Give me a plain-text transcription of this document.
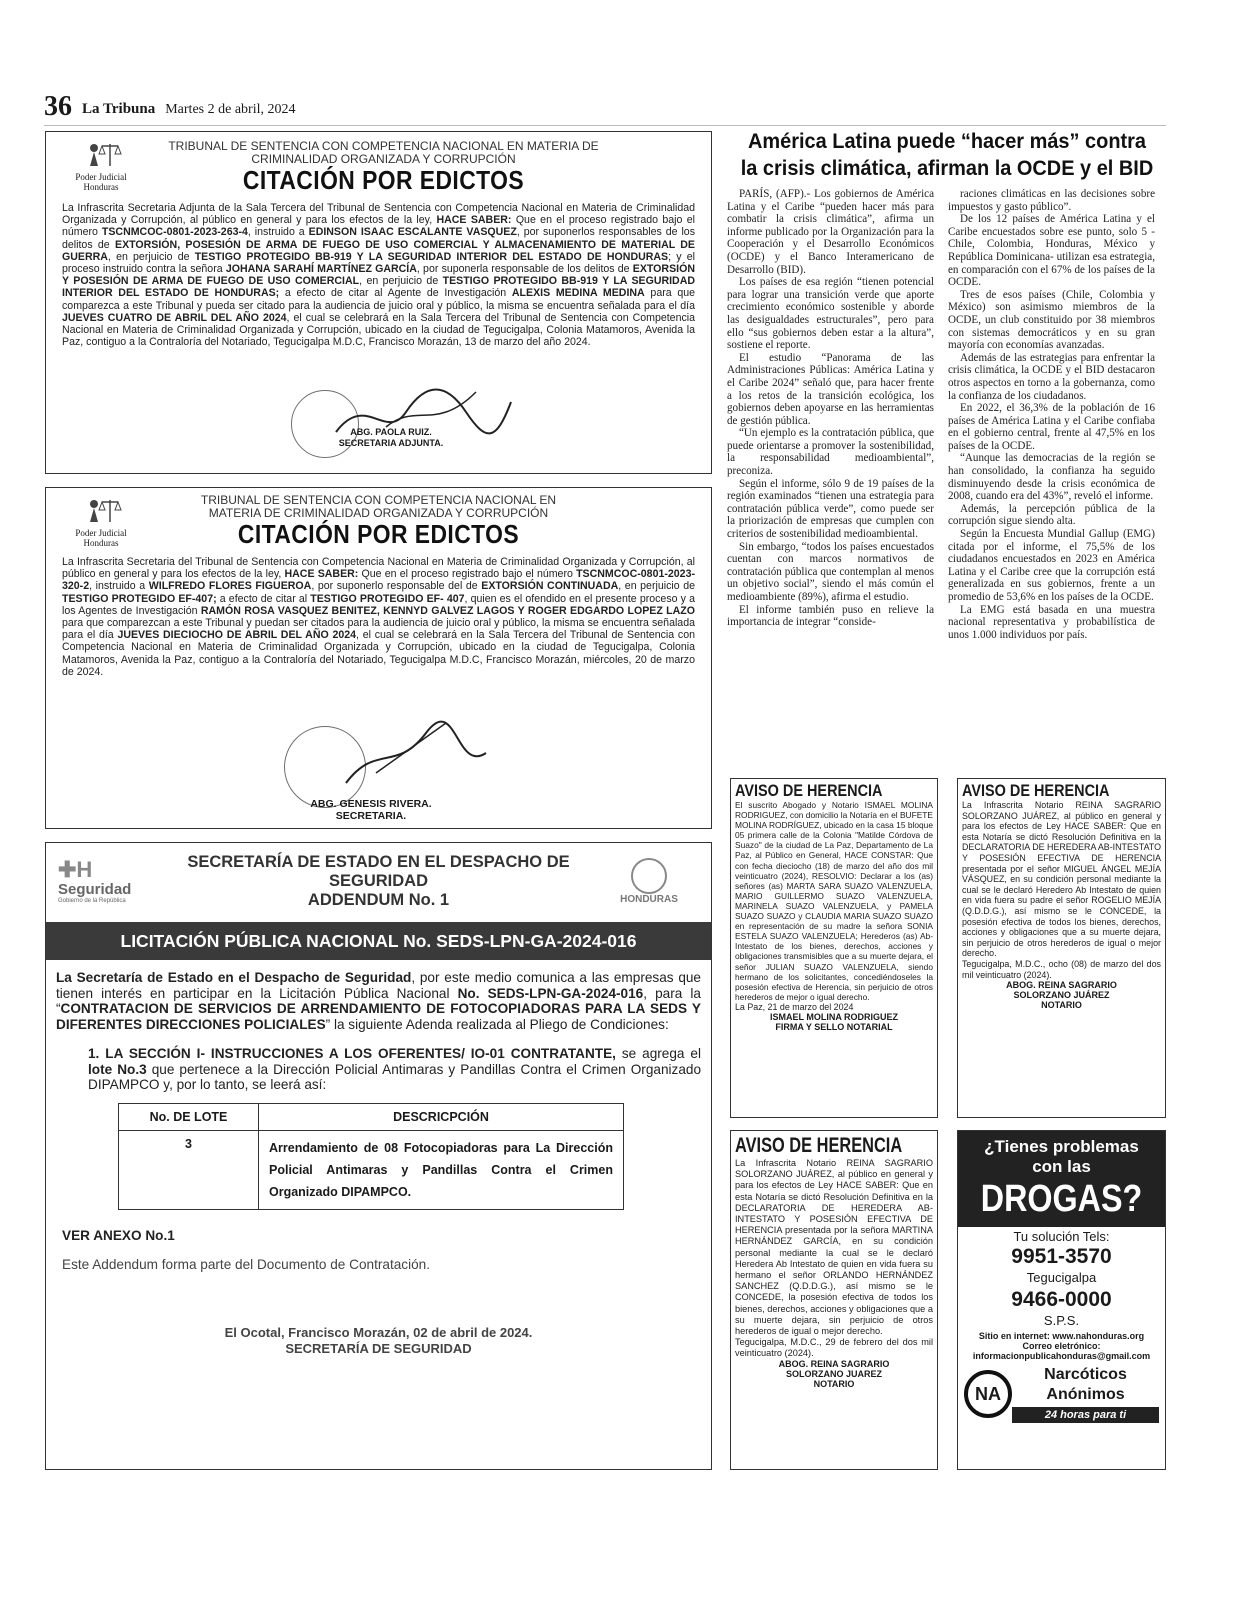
36 La Tribuna Martes 2 de abril, 2024
Poder Judicial
Honduras
TRIBUNAL DE SENTENCIA CON COMPETENCIA NACIONAL EN MATERIA DE CRIMINALIDAD ORGANIZADA Y CORRUPCIÓN
CITACIÓN POR EDICTOS
La Infrascrita Secretaria Adjunta de la Sala Tercera del Tribunal de Sentencia con Competencia Nacional en Materia de Criminalidad Organizada y Corrupción, al público en general y para los efectos de la ley, HACE SABER: Que en el proceso registrado bajo el número TSCNMCOC-0801-2023-263-4, instruido a EDINSON ISAAC ESCALANTE VASQUEZ, por suponerlos responsables de los delitos de EXTORSIÓN, POSESIÓN DE ARMA DE FUEGO DE USO COMERCIAL Y ALMACENAMIENTO DE MATERIAL DE GUERRA, en perjuicio de TESTIGO PROTEGIDO BB-919 Y LA SEGURIDAD INTERIOR DEL ESTADO DE HONDURAS; y el proceso instruido contra la señora JOHANA SARAHÍ MARTÍNEZ GARCÍA, por suponerla responsable de los delitos de EXTORSIÓN Y POSESIÓN DE ARMA DE FUEGO DE USO COMERCIAL, en perjuicio de TESTIGO PROTEGIDO BB-919 Y LA SEGURIDAD INTERIOR DEL ESTADO DE HONDURAS; a efecto de citar al Agente de Investigación ALEXIS MEDINA MEDINA para que comparezca a este Tribunal y pueda ser citado para la audiencia de juicio oral y público, la misma se encuentra señalada para el día JUEVES CUATRO DE ABRIL DEL AÑO 2024, el cual se celebrará en la Sala Tercera del Tribunal de Sentencia con Competencia Nacional en Materia de Criminalidad Organizada y Corrupción, ubicado en la ciudad de Tegucigalpa, Colonia Matamoros, Avenida la Paz, contiguo a la Contraloría del Notariado, Tegucigalpa M.D.C, Francisco Morazán, 13 de marzo del año 2024.
ABG. PAOLA RUIZ.
SECRETARIA ADJUNTA.
Poder Judicial
Honduras
TRIBUNAL DE SENTENCIA CON COMPETENCIA NACIONAL EN MATERIA DE CRIMINALIDAD ORGANIZADA Y CORRUPCIÓN
CITACIÓN POR EDICTOS
La Infrascrita Secretaria del Tribunal de Sentencia con Competencia Nacional en Materia de Criminalidad Organizada y Corrupción, al público en general y para los efectos de la ley, HACE SABER: Que en el proceso registrado bajo el número TSCNMCOC-0801-2023-320-2, instruido a WILFREDO FLORES FIGUEROA, por suponerlo responsable del de EXTORSIÓN CONTINUADA, en perjuicio de TESTIGO PROTEGIDO EF-407; a efecto de citar al TESTIGO PROTEGIDO EF- 407, quien es el ofendido en el presente proceso y a los Agentes de Investigación RAMÓN ROSA VASQUEZ BENITEZ, KENNYD GALVEZ LAGOS Y ROGER EDGARDO LOPEZ LAZO para que comparezcan a este Tribunal y puedan ser citados para la audiencia de juicio oral y público, la misma se encuentra señalada para el día JUEVES DIECIOCHO DE ABRIL DEL AÑO 2024, el cual se celebrará en la Sala Tercera del Tribunal de Sentencia con Competencia Nacional en Materia de Criminalidad Organizada y Corrupción, ubicado en la ciudad de Tegucigalpa, Colonia Matamoros, Avenida la Paz, contiguo a la Contraloría del Notariado, Tegucigalpa M.D.C, Francisco Morazán, miércoles, 20 de marzo de 2024.
ABG. GENESIS RIVERA.
SECRETARIA.
✚H
Seguridad
Gobierno de la República
SECRETARÍA DE ESTADO EN EL DESPACHO DE
SEGURIDAD
ADDENDUM No. 1	HONDURAS
LICITACIÓN PÚBLICA NACIONAL No. SEDS-LPN-GA-2024-016
La Secretaría de Estado en el Despacho de Seguridad, por este medio comunica a las empresas que tienen interés en participar en la Licitación Pública Nacional No. SEDS-LPN-GA-2024-016, para la “CONTRATACION DE SERVICIOS DE ARRENDAMIENTO DE FOTOCOPIADORAS PARA LA SEDS Y DIFERENTES DIRECCIONES POLICIALES” la siguiente Adenda realizada al Pliego de Condiciones:
1. LA SECCIÓN I- INSTRUCCIONES A LOS OFERENTES/ IO-01 CONTRATANTE, se agrega el lote No.3 que pertenece a la Dirección Policial Antimaras y Pandillas Contra el Crimen Organizado DIPAMPCO y, por lo tanto, se leerá así:
No. DE LOTE	DESCRICPCIÓN
3	Arrendamiento de 08 Fotocopiadoras para La Dirección Policial Antimaras y Pandillas Contra el Crimen Organizado DIPAMPCO.
VER ANEXO No.1
Este Addendum forma parte del Documento de Contratación.
El Ocotal, Francisco Morazán, 02 de abril de 2024.
SECRETARÍA DE SEGURIDAD
América Latina puede “hacer más” contra la crisis climática, afirman la OCDE y el BID

PARÍS, (AFP).- Los gobiernos de América Latina y el Caribe “pueden hacer más para combatir la crisis climática”, afirma un informe publicado por la Organización para la Cooperación y el Desarrollo Económicos (OCDE) y el Banco Interamericano de Desarrollo (BID).

Los países de esa región “tienen potencial para lograr una transición verde que aporte crecimiento económico sostenible y aborde las desigualdades estructurales”, pero para ello “sus gobiernos deben estar a la altura”, sostiene el reporte.

El estudio “Panorama de las Administraciones Públicas: América Latina y el Caribe 2024” señaló que, para hacer frente a los retos de la transición ecológica, los gobiernos deben apoyarse en las herramientas de gestión pública.

“Un ejemplo es la contratación pública, que puede orientarse a promover la sostenibilidad, la responsabilidad medioambiental”, preconiza.

Según el informe, sólo 9 de 19 países de la región examinados “tienen una estrategia para contratación pública verde”, como puede ser la priorización de empresas que cumplen con criterios de sostenibilidad medioambiental.

Sin embargo, “todos los países encuestados cuentan con marcos normativos de contratación pública que contemplan al menos un objetivo social”, siendo el más común el medioambiente (89%), afirma el estudio.

El informe también puso en relieve la importancia de integrar “conside-

raciones climáticas en las decisiones sobre impuestos y gasto público”.

De los 12 países de América Latina y el Caribe encuestados sobre ese punto, solo 5 -Chile, Colombia, Honduras, México y República Dominicana- utilizan esa estrategia, en comparación con el 67% de los países de la OCDE.

Tres de esos países (Chile, Colombia y México) son asimismo miembros de la OCDE, un club constituido por 38 miembros con sistemas democráticos y en su gran mayoría con economías avanzadas.

Además de las estrategias para enfrentar la crisis climática, la OCDE y el BID destacaron otros aspectos en torno a la gobernanza, como la confianza de los ciudadanos.

En 2022, el 36,3% de la población de 16 países de América Latina y el Caribe confiaba en el gobierno central, frente al 47,5% en los países de la OCDE.

“Aunque las democracias de la región se han consolidado, la confianza ha seguido disminuyendo desde la crisis económica de 2008, cuando era del 43%”, reveló el informe.

Además, la percepción pública de la corrupción sigue siendo alta.

Según la Encuesta Mundial Gallup (EMG) citada por el informe, el 75,5% de los ciudadanos encuestados en 2023 en América Latina y el Caribe cree que la corrupción está generalizada en sus gobiernos, frente a un promedio de 53,6% en los países de la OCDE.

La EMG está basada en una muestra nacional representativa y probabilística de unos 1.000 individuos por país.

AVISO DE HERENCIA
El suscrito Abogado y Notario ISMAEL MOLINA RODRIGUEZ, con domicilio la Notaría en el BUFETE MOLINA RODRÍGUEZ, ubicado en la casa 15 bloque 05 primera calle de la Colonia "Matilde Córdova de Suazo" de la ciudad de La Paz, Departamento de La Paz, al Público en General, HACE CONSTAR: Que con fecha dieciocho (18) de marzo del año dos mil veinticuatro (2024), RESOLVIO: Declarar a los (as) señores (as) MARTA SARA SUAZO VALENZUELA, MARIO GUILLERMO SUAZO VALENZUELA, MARINELA SUAZO VALENZUELA, y PAMELA SUAZO SUAZO y CLAUDIA MARIA SUAZO SUAZO en representación de su madre la señora SONIA ESTELA SUAZO VALENZUELA; Herederos (as) Ab-Intestato de los bienes, derechos, acciones y obligaciones transmisibles que a su muerte dejara, el señor JULIAN SUAZO VALENZUELA, siendo hermano de los solicitantes, concediéndoseles la posesión efectiva de Herencia, sin perjuicio de otros herederos de mejor o igual derecho.
La Paz, 21 de marzo del 2024
ISMAEL MOLINA RODRIGUEZ
FIRMA Y SELLO NOTARIAL
AVISO DE HERENCIA
La Infrascrita Notario REINA SAGRARIO SOLORZANO JUÁREZ, al público en general y para los efectos de Ley HACE SABER: Que en esta Notaría se dictó Resolución Definitiva en la DECLARATORIA DE HEREDERA AB-INTESTATO Y POSESIÓN EFECTIVA DE HERENCIA presentada por el señor MIGUEL ÁNGEL MEJÍA VÁSQUEZ, en su condición personal mediante la cual se le declaró Heredero Ab Intestato de quien en vida fuera su padre el señor ROGELIO MEJÍA (Q.D.D.G.), así mismo se le CONCEDE, la posesión efectiva de todos los bienes, derechos, acciones y obligaciones que a su muerte dejara, sin perjuicio de otros herederos de igual o mejor derecho.
Tegucigalpa, M.D.C., ocho (08) de marzo del dos mil veinticuatro (2024).
ABOG. REINA SAGRARIO
SOLORZANO JUÁREZ
NOTARIO
AVISO DE HERENCIA
La Infrascrita Notario REINA SAGRARIO SOLORZANO JUÁREZ, al público en general y para los efectos de Ley HACE SABER: Que en esta Notaría se dictó Resolución Definitiva en la DECLARATORIA DE HEREDERA AB-INTESTATO Y POSESIÓN EFECTIVA DE HERENCIA presentada por la señora MARTINA HERNÁNDEZ GARCÍA, en su condición personal mediante la cual se le declaró Heredera Ab Intestato de quien en vida fuera su hermano el señor ORLANDO HERNÁNDEZ SANCHEZ (Q.D.D.G.), así mismo se le CONCEDE, la posesión efectiva de todos los bienes, derechos, acciones y obligaciones que a su muerte dejara, sin perjuicio de otros herederos de igual o mejor derecho.
Tegucigalpa, M.D.C., 29 de febrero del dos mil veinticuatro (2024).
ABOG. REINA SAGRARIO
SOLORZANO JUAREZ
NOTARIO
¿Tienes problemas
con las
DROGAS?
Tu solución Tels:
9951-3570
Tegucigalpa
9466-0000
S.P.S.
Sitio en internet: www.nahonduras.org
Correo eletrónico:
informacionpublicahonduras@gmail.com
NA
Narcóticos
Anónimos
24 horas para ti
